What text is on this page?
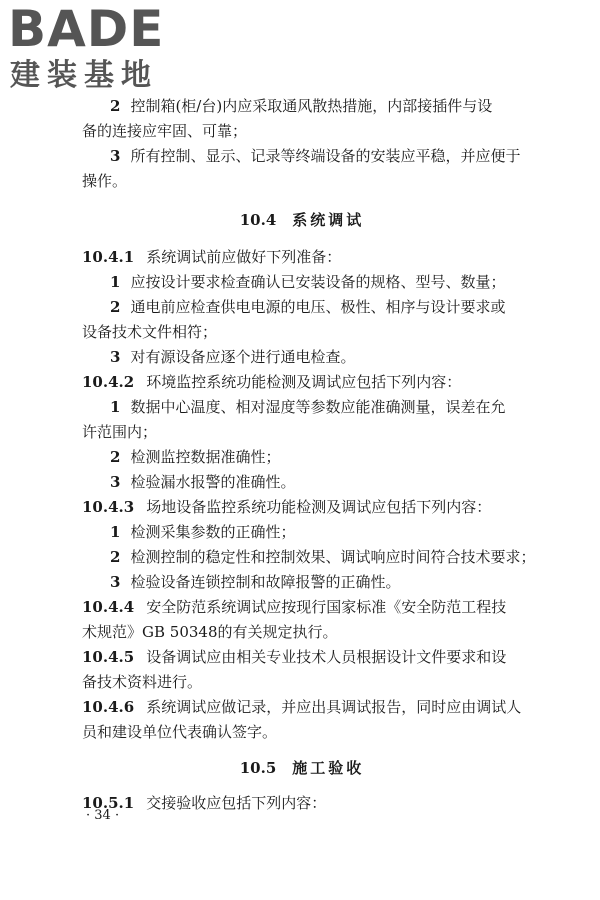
BADE
建装基地
2 控制箱(柜/台)内应采取通风散热措施，内部接插件与设
备的连接应牢固、可靠；
3 所有控制、显示、记录等终端设备的安装应平稳，并应便于
操作。
10.4 系统调试
10.4.1 系统调试前应做好下列准备：
1 应按设计要求检查确认已安装设备的规格、型号、数量；
2 通电前应检查供电电源的电压、极性、相序与设计要求或
设备技术文件相符；
3 对有源设备应逐个进行通电检查。
10.4.2 环境监控系统功能检测及调试应包括下列内容：
1 数据中心温度、相对湿度等参数应能准确测量，误差在允
许范围内；
2 检测监控数据准确性；
3 检验漏水报警的准确性。
10.4.3 场地设备监控系统功能检测及调试应包括下列内容：
1 检测采集参数的正确性；
2 检测控制的稳定性和控制效果、调试响应时间符合技术要求；
3 检验设备连锁控制和故障报警的正确性。
10.4.4 安全防范系统调试应按现行国家标准《安全防范工程技
术规范》GB 50348的有关规定执行。
10.4.5 设备调试应由相关专业技术人员根据设计文件要求和设
备技术资料进行。
10.4.6 系统调试应做记录，并应出具调试报告，同时应由调试人
员和建设单位代表确认签字。
10.5 施工验收
10.5.1 交接验收应包括下列内容：
· 34 ·
